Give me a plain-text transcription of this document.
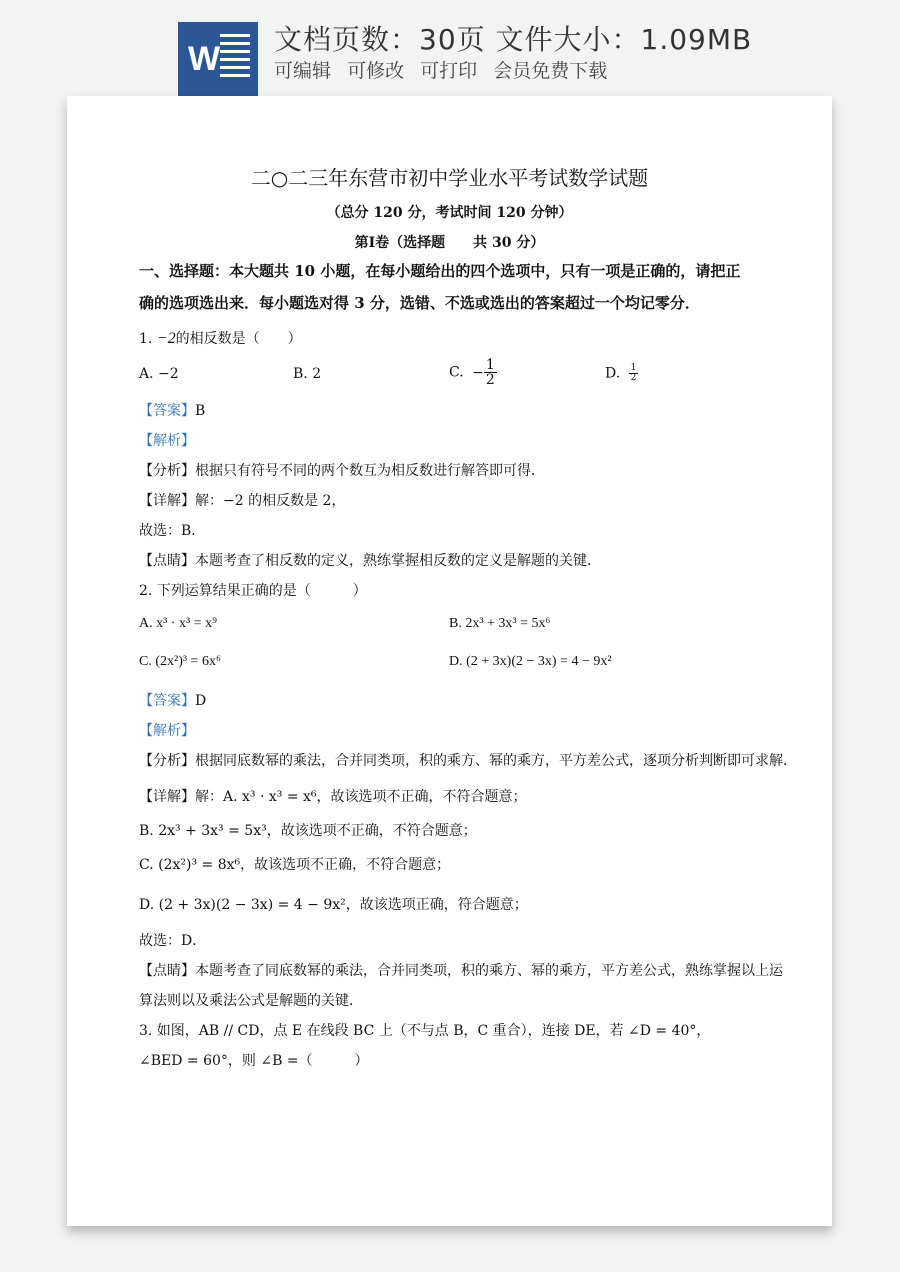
W
文档页数：30页 文件大小：1.09MB
可编辑 可修改 可打印 会员免费下载
二○二三年东营市初中学业水平考试数学试题
（总分 120 分，考试时间 120 分钟）
第Ⅰ卷（选择题　　共 30 分）
一、选择题：本大题共 10 小题，在每小题给出的四个选项中，只有一项是正确的，请把正
确的选项选出来．每小题选对得 3 分，选错、不选或选出的答案超过一个均记零分．
1. −2的相反数是（　　）
A. −2	B. 2	C. − $\frac{1}{2}$	D. $\frac{1}{2}$
【答案】B
【解析】
【分析】根据只有符号不同的两个数互为相反数进行解答即可得．
【详解】解：−2 的相反数是 2，
故选：B．
【点睛】本题考查了相反数的定义，熟练掌握相反数的定义是解题的关键．
2. 下列运算结果正确的是（　　　）
A. x³ · x³ = x⁹	B. 2x³ + 3x³ = 5x⁶
C. (2x²)³ = 6x⁶	D. (2 + 3x)(2 − 3x) = 4 − 9x²
【答案】D
【解析】
【分析】根据同底数幂的乘法，合并同类项，积的乘方、幂的乘方，平方差公式，逐项分析判断即可求解．
【详解】解：A. x³ · x³ = x⁶，故该选项不正确，不符合题意；
B. 2x³ + 3x³ = 5x³，故该选项不正确，不符合题意；
C. (2x²)³ = 8x⁶，故该选项不正确，不符合题意；
D. (2 + 3x)(2 − 3x) = 4 − 9x²，故该选项正确，符合题意；
故选：D．
【点睛】本题考查了同底数幂的乘法，合并同类项，积的乘方、幂的乘方，平方差公式，熟练掌握以上运
算法则以及乘法公式是解题的关键．
3. 如图，AB // CD，点 E 在线段 BC 上（不与点 B，C 重合），连接 DE，若 ∠D = 40°，
∠BED = 60°，则 ∠B =（　　　）
